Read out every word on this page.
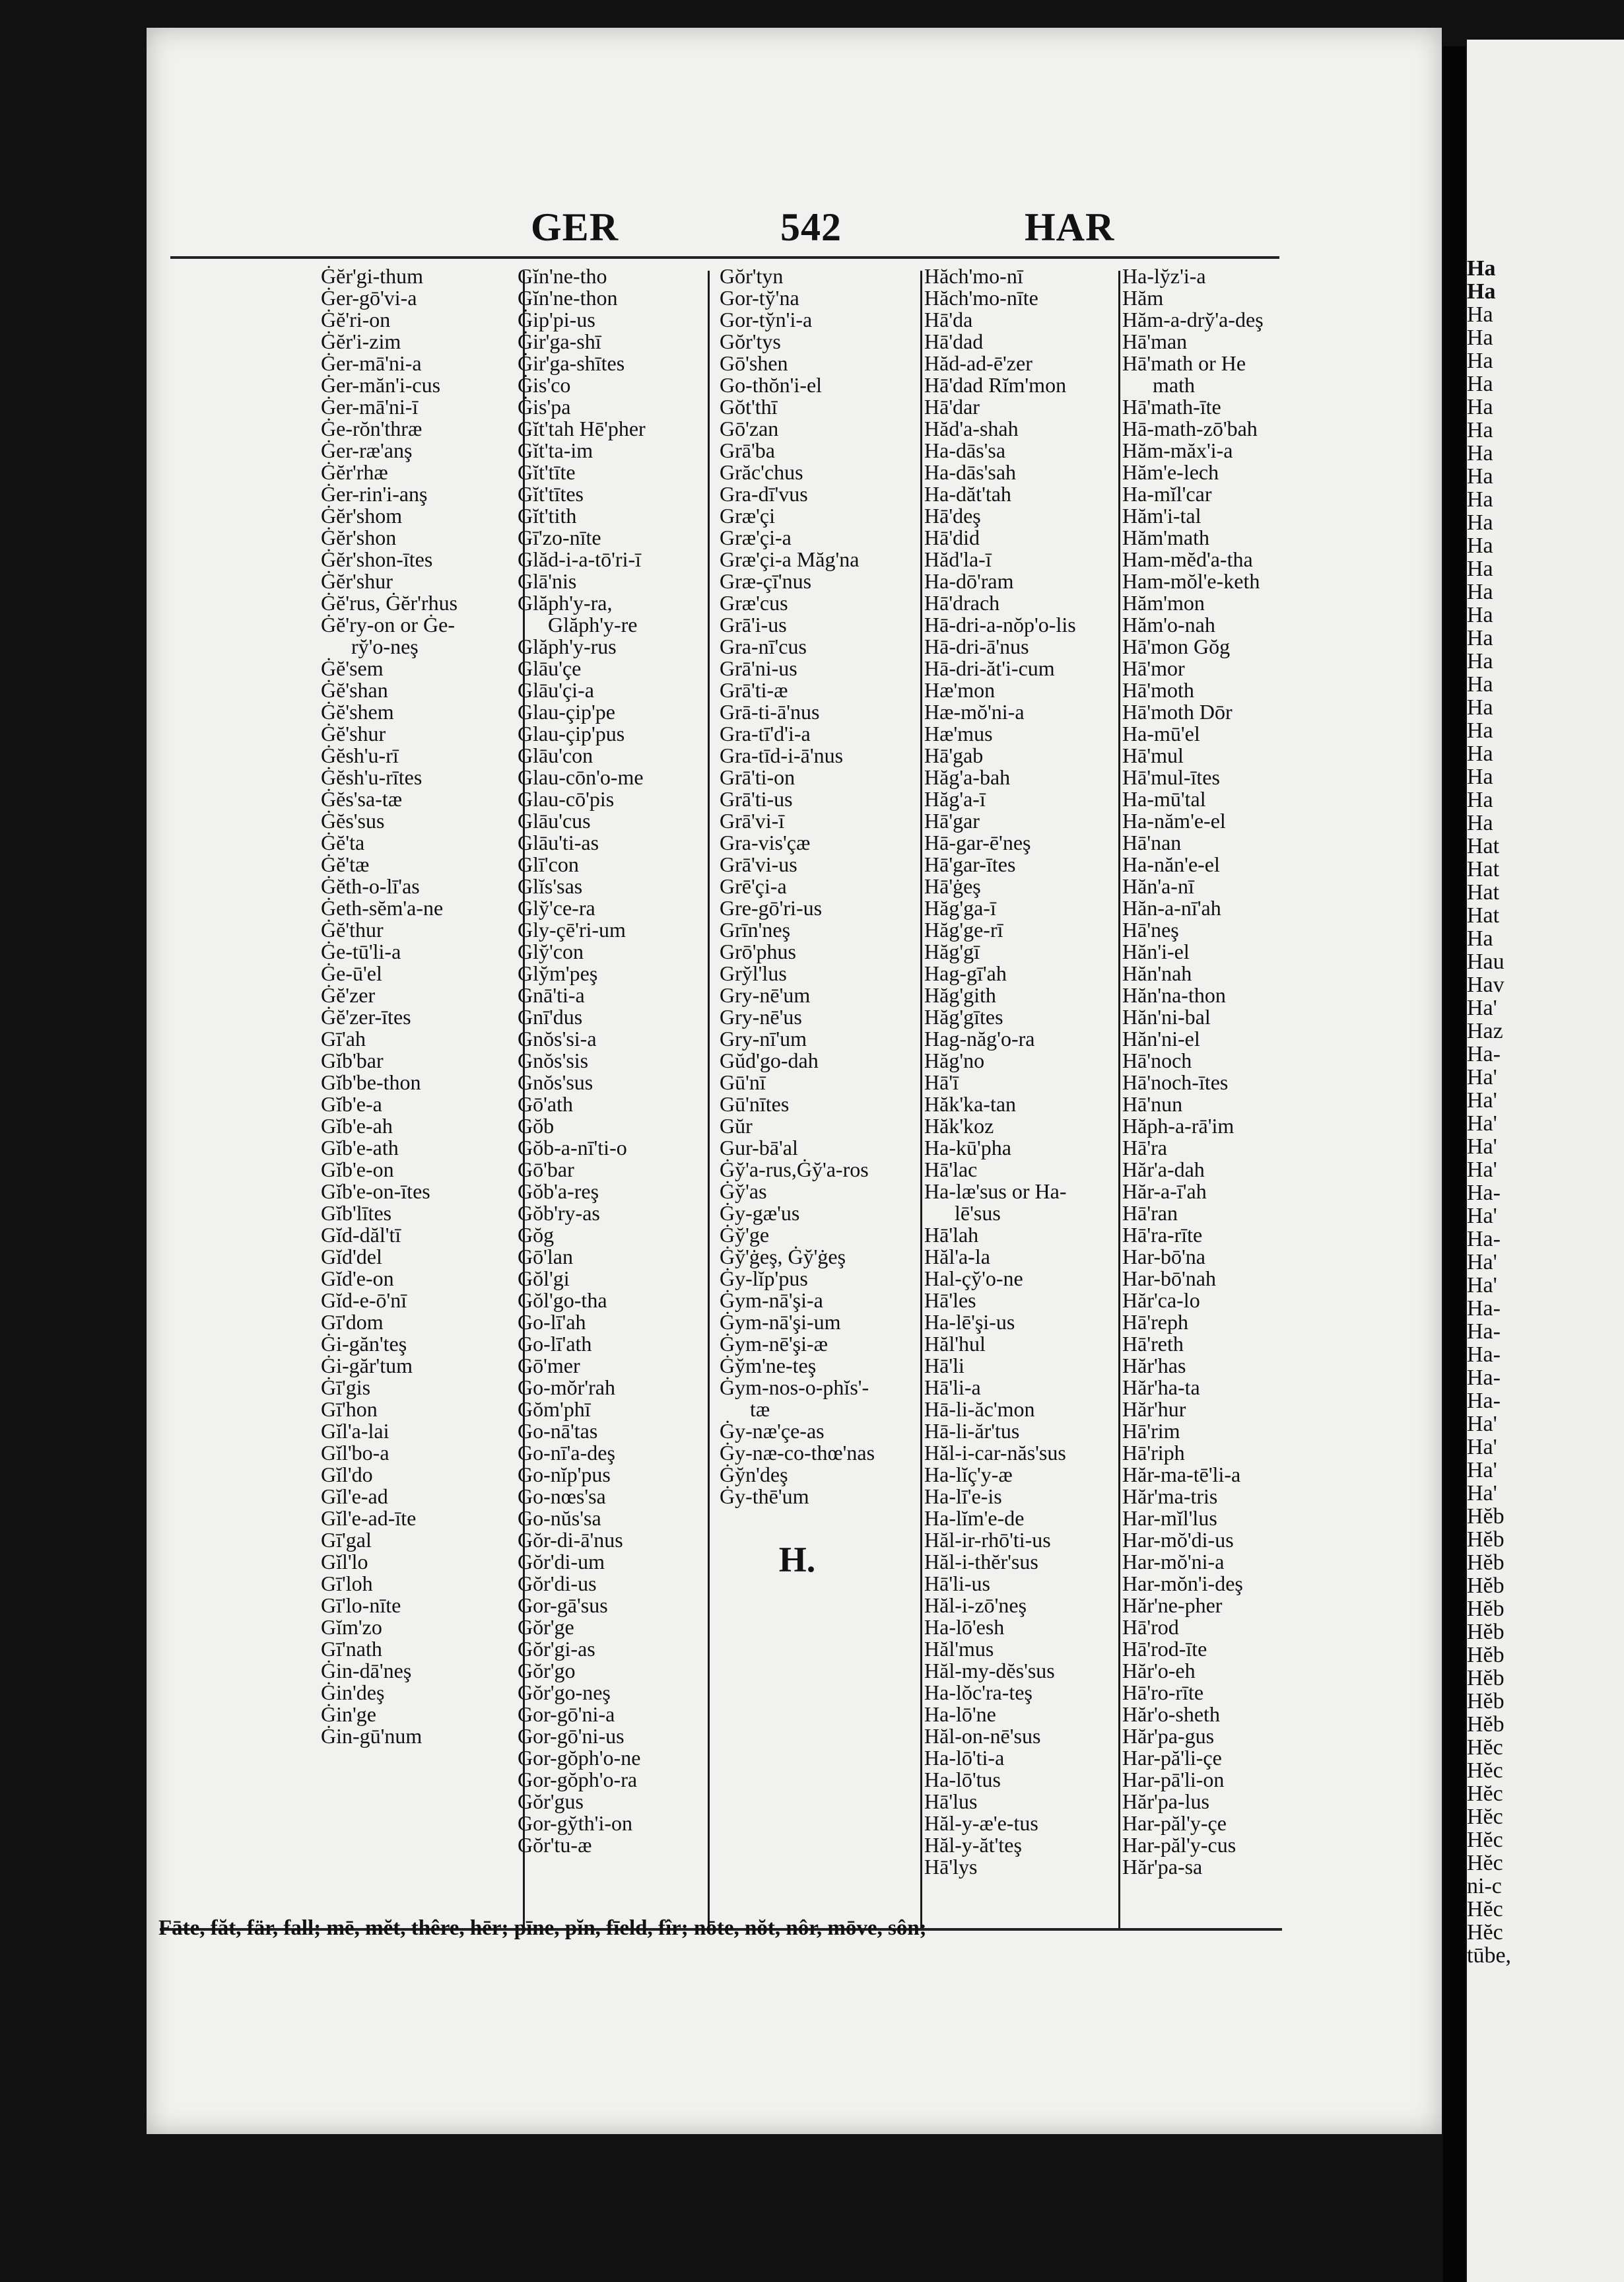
GER	542	HAR
Ġĕr'gi-thum
Ġer-gō'vi-a
Ġĕ'ri-on
Ġĕr'i-zim
Ġer-mā'ni-a
Ġer-măn'i-cus
Ġer-mā'ni-ī
Ġe-rŏn'thræ
Ġer-ræ'anş
Ġĕr'rhæ
Ġer-rin'i-anş
Ġĕr'shom
Ġĕr'shon
Ġĕr'shon-ītes
Ġĕr'shur
Ġĕ'rus, Ġĕr'rhus
Ġĕ'ry-on or Ġe-
ry̆'o-neş
Ġĕ'sem
Ġĕ'shan
Ġĕ'shem
Ġĕ'shur
Ġĕsh'u-rī
Ġĕsh'u-rītes
Ġĕs'sa-tæ
Ġĕs'sus
Ġĕ'ta
Ġĕ'tæ
Ġĕth-o-lī'as
Ġeth-sĕm'a-ne
Ġĕ'thur
Ġe-tū'li-a
Ġe-ū'el
Ġĕ'zer
Ġĕ'zer-ītes
Gī'ah
Gĭb'bar
Gĭb'be-thon
Gĭb'e-a
Gĭb'e-ah
Gĭb'e-ath
Gĭb'e-on
Gĭb'e-on-ītes
Gĭb'lītes
Gĭd-dăl'tī
Gĭd'del
Gĭd'e-on
Gĭd-e-ō'nī
Gī'dom
Ġi-găn'teş
Ġi-găr'tum
Ġī'gis
Gī'hon
Gĭl'a-lai
Gĭl'bo-a
Gĭl'do
Gĭl'e-ad
Gĭl'e-ad-īte
Gī'gal
Gĭl'lo
Gī'loh
Gī'lo-nīte
Gĭm'zo
Gī'nath
Ġin-dā'neş
Ġin'deş
Ġin'ge
Ġin-gū'num
Gĭn'ne-tho
Gĭn'ne-thon
Ġip'pi-us
Ġir'ga-shī
Ġir'ga-shītes
Ġis'co
Ġis'pa
Gĭt'tah Hē'pher
Gĭt'ta-im
Gĭt'tīte
Gĭt'tītes
Gĭt'tith
Gī'zo-nīte
Glăd-i-a-tō'ri-ī
Glā'nis
Glăph'y-ra,
Glăph'y-re
Glăph'y-rus
Glāu'çe
Glāu'çi-a
Glau-çip'pe
Glau-çip'pus
Glāu'con
Glau-cōn'o-me
Glau-cō'pis
Glāu'cus
Glāu'ti-as
Glī'con
Glĭs'sas
Gly̆'ce-ra
Gly-çē'ri-um
Gly̆'con
Gly̆m'peş
Gnā'ti-a
Gnī'dus
Gnŏs'si-a
Gnŏs'sis
Gnŏs'sus
Gō'ath
Gŏb
Gŏb-a-nī'ti-o
Gō'bar
Gŏb'a-reş
Gŏb'ry-as
Gŏg
Gō'lan
Gŏl'gi
Gŏl'go-tha
Go-lī'ah
Go-lī'ath
Gō'mer
Go-mŏr'rah
Gŏm'phī
Go-nā'tas
Go-nī'a-deş
Go-nĭp'pus
Go-nœs'sa
Go-nŭs'sa
Gŏr-di-ā'nus
Gŏr'di-um
Gŏr'di-us
Gor-gā'sus
Gŏr'ge
Gŏr'gi-as
Gŏr'go
Gŏr'go-neş
Gor-gō'ni-a
Gor-gō'ni-us
Gor-gŏph'o-ne
Gor-gŏph'o-ra
Gŏr'gus
Gor-gy̆th'i-on
Gŏr'tu-æ
Gŏr'tyn
Gor-ty̆'na
Gor-ty̆n'i-a
Gŏr'tys
Gō'shen
Go-thŏn'i-el
Gŏt'thī
Gō'zan
Grā'ba
Grăc'chus
Gra-dī'vus
Græ'çi
Græ'çi-a
Græ'çi-a Măg'na
Græ-çī'nus
Græ'cus
Grā'i-us
Gra-nī'cus
Grā'ni-us
Grā'ti-æ
Grā-ti-ā'nus
Gra-tī'd'i-a
Gra-tīd-i-ā'nus
Grā'ti-on
Grā'ti-us
Grā'vi-ī
Gra-vis'çæ
Grā'vi-us
Grē'çi-a
Gre-gō'ri-us
Grīn'neş
Grō'phus
Gry̆l'lus
Gry-nē'um
Gry-nē'us
Gry-nī'um
Gŭd'go-dah
Gū'nī
Gū'nītes
Gŭr
Gur-bā'al
Ġy̆'a-rus,Ġy̆'a-ros
Ġy̆'as
Ġy-gæ'us
Ġy̆'ge
Ġy̆'ġeş, Ġy̆'ġeş
Ġy-lĭp'pus
Ġym-nā'şi-a
Ġym-nā'şi-um
Ġym-nē'şi-æ
Ġy̆m'ne-teş
Ġym-nos-o-phĭs'-
tæ
Ġy-næ'çe-as
Ġy-næ-co-thœ'nas
Ġy̆n'deş
Ġy-thē'um
H.
Hăch'mo-nī
Hăch'mo-nīte
Hā'da
Hā'dad
Hăd-ad-ē'zer
Hā'dad Rĭm'mon
Hā'dar
Hăd'a-shah
Ha-dās'sa
Ha-dās'sah
Ha-dăt'tah
Hā'deş
Hā'did
Hăd'la-ī
Ha-dō'ram
Hā'drach
Hā-dri-a-nŏp'o-lis
Hā-dri-ā'nus
Hā-dri-ăt'i-cum
Hæ'mon
Hæ-mŏ'ni-a
Hæ'mus
Hā'gab
Hăg'a-bah
Hăg'a-ī
Hā'gar
Hā-gar-ē'neş
Hā'gar-ītes
Hā'ġeş
Hăg'ga-ī
Hăg'ge-rī
Hăg'gī
Hag-gī'ah
Hăg'gith
Hăg'gītes
Hag-năg'o-ra
Hăg'no
Hā'ī
Hăk'ka-tan
Hăk'koz
Ha-kū'pha
Hā'lac
Ha-læ'sus or Ha-
lē'sus
Hā'lah
Hăl'a-la
Hal-çy̆'o-ne
Hā'les
Ha-lē'şi-us
Hăl'hul
Hā'li
Hā'li-a
Hā-li-ăc'mon
Hā-li-ăr'tus
Hăl-i-car-năs'sus
Ha-lĭç'y-æ
Ha-lī'e-is
Ha-lĭm'e-de
Hăl-ir-rhō'ti-us
Hăl-i-thĕr'sus
Hā'li-us
Hăl-i-zō'neş
Ha-lō'esh
Hăl'mus
Hăl-my-dĕs'sus
Ha-lŏc'ra-teş
Ha-lō'ne
Hăl-on-nē'sus
Ha-lō'ti-a
Ha-lō'tus
Hā'lus
Hăl-y-æ'e-tus
Hăl-y-ăt'teş
Hā'lys
Ha-ly̆z'i-a
Hăm
Hăm-a-dry̆'a-deş
Hā'man
Hā'math or He
math
Hā'math-īte
Hā-math-zō'bah
Hăm-măx'i-a
Hăm'e-lech
Ha-mĭl'car
Hăm'i-tal
Hăm'math
Ham-mĕd'a-tha
Ham-mŏl'e-keth
Hăm'mon
Hăm'o-nah
Hā'mon Gŏg
Hā'mor
Hā'moth
Hā'moth Dōr
Ha-mū'el
Hā'mul
Hā'mul-ītes
Ha-mū'tal
Ha-năm'e-el
Hā'nan
Ha-năn'e-el
Hăn'a-nī
Hăn-a-nī'ah
Hā'neş
Hăn'i-el
Hăn'nah
Hăn'na-thon
Hăn'ni-bal
Hăn'ni-el
Hā'noch
Hā'noch-ītes
Hā'nun
Hăph-a-rā'im
Hā'ra
Hăr'a-dah
Hăr-a-ī'ah
Hā'ran
Hā'ra-rīte
Har-bō'na
Har-bō'nah
Hăr'ca-lo
Hā'reph
Hā'reth
Hăr'has
Hăr'ha-ta
Hăr'hur
Hā'rim
Hā'riph
Hăr-ma-tē'li-a
Hăr'ma-tris
Har-mĭl'lus
Har-mŏ'di-us
Har-mŏ'ni-a
Har-mŏn'i-deş
Hăr'ne-pher
Hā'rod
Hā'rod-īte
Hăr'o-eh
Hā'ro-rīte
Hăr'o-sheth
Hăr'pa-gus
Har-pă'li-çe
Har-pā'li-on
Hăr'pa-lus
Har-păl'y-çe
Har-păl'y-cus
Hăr'pa-sa
Fāte, făt, fär, fall; mē, mĕt, thêre, hēr; pīne, pĭn, fīeld, fîr; nōte, nŏt, nôr, mōve, sôn;
Ha
Ha
Ha
Ha
Ha
Ha
Ha
Ha
Ha
Ha
Ha
Ha
Ha
Ha
Ha
Ha
Ha
Ha
Ha
Ha
Ha
Ha
Ha
Ha
Ha
Hat
Hat
Hat
Hat
Ha
Hau
Hav
Ha'
Haz
Ha-
Ha'
Ha'
Ha'
Ha'
Ha'
Ha-
Ha'
Ha-
Ha'
Ha'
Ha-
Ha-
Ha-
Ha-
Ha-
Ha'
Ha'
Ha'
Ha'
Hĕb
Hĕb
Hĕb
Hĕb
Hĕb
Hĕb
Hĕb
Hĕb
Hĕb
Hĕb
Hĕc
Hĕc
Hĕc
Hĕc
Hĕc
Hĕc
ni-c
Hĕc
Hĕc
tūbe,
